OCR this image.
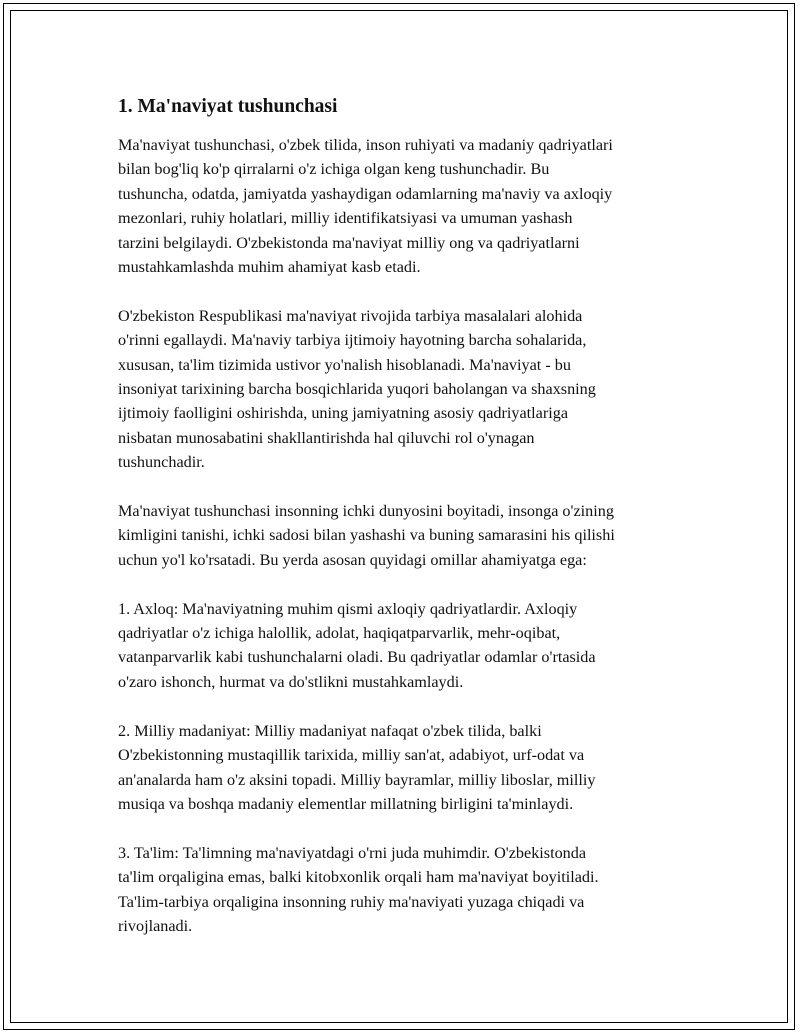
1. Ma'naviyat tushunchasi

Ma'naviyat tushunchasi, o'zbek tilida, inson ruhiyati va madaniy qadriyatlari
bilan bog'liq ko'p qirralarni o'z ichiga olgan keng tushunchadir. Bu
tushuncha, odatda, jamiyatda yashaydigan odamlarning ma'naviy va axloqiy
mezonlari, ruhiy holatlari, milliy identifikatsiyasi va umuman yashash
tarzini belgilaydi. O'zbekistonda ma'naviyat milliy ong va qadriyatlarni
mustahkamlashda muhim ahamiyat kasb etadi.

O'zbekiston Respublikasi ma'naviyat rivojida tarbiya masalalari alohida
o'rinni egallaydi. Ma'naviy tarbiya ijtimoiy hayotning barcha sohalarida,
xususan, ta'lim tizimida ustivor yo'nalish hisoblanadi. Ma'naviyat - bu
insoniyat tarixining barcha bosqichlarida yuqori baholangan va shaxsning
ijtimoiy faolligini oshirishda, uning jamiyatning asosiy qadriyatlariga
nisbatan munosabatini shakllantirishda hal qiluvchi rol o'ynagan
tushunchadir.

Ma'naviyat tushunchasi insonning ichki dunyosini boyitadi, insonga o'zining
kimligini tanishi, ichki sadosi bilan yashashi va buning samarasini his qilishi
uchun yo'l ko'rsatadi. Bu yerda asosan quyidagi omillar ahamiyatga ega:

1. Axloq: Ma'naviyatning muhim qismi axloqiy qadriyatlardir. Axloqiy
qadriyatlar o'z ichiga halollik, adolat, haqiqatparvarlik, mehr-oqibat,
vatanparvarlik kabi tushunchalarni oladi. Bu qadriyatlar odamlar o'rtasida
o'zaro ishonch, hurmat va do'stlikni mustahkamlaydi.

2. Milliy madaniyat: Milliy madaniyat nafaqat o'zbek tilida, balki
O'zbekistonning mustaqillik tarixida, milliy san'at, adabiyot, urf-odat va
an'analarda ham o'z aksini topadi. Milliy bayramlar, milliy liboslar, milliy
musiqa va boshqa madaniy elementlar millatning birligini ta'minlaydi.

3. Ta'lim: Ta'limning ma'naviyatdagi o'rni juda muhimdir. O'zbekistonda
ta'lim orqaligina emas, balki kitobxonlik orqali ham ma'naviyat boyitiladi.
Ta'lim-tarbiya orqaligina insonning ruhiy ma'naviyati yuzaga chiqadi va
rivojlanadi.
